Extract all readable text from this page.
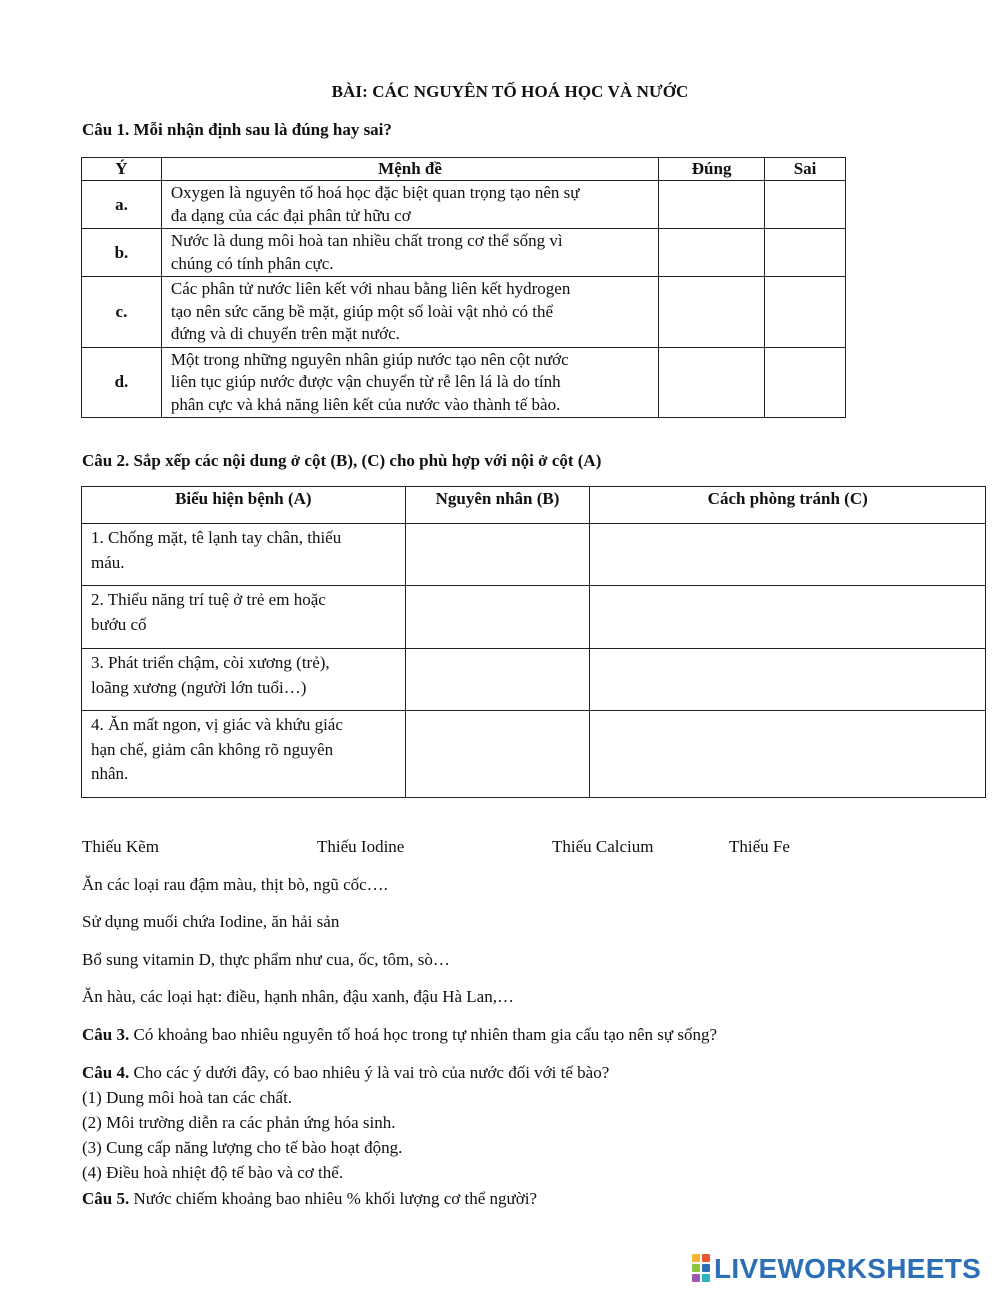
BÀI: CÁC NGUYÊN TỐ HOÁ HỌC VÀ NƯỚC
Câu 1. Mỗi nhận định sau là đúng hay sai?
Ý	Mệnh đề	Đúng	Sai
a.	Oxygen là nguyên tố hoá học đặc biệt quan trọng tạo nên sự
đa dạng của các đại phân tử hữu cơ		

b.	Nước là dung môi hoà tan nhiều chất trong cơ thể sống vì
chúng có tính phân cực.		

c.	Các phân tử nước liên kết với nhau bằng liên kết hydrogen
tạo nên sức căng bề mặt, giúp một số loài vật nhỏ có thể
đứng và di chuyển trên mặt nước.		

d.	Một trong những nguyên nhân giúp nước tạo nên cột nước
liên tục giúp nước được vận chuyển từ rễ lên lá là do tính
phân cực và khả năng liên kết của nước vào thành tế bào.		

Câu 2. Sắp xếp các nội dung ở cột (B), (C) cho phù hợp với nội ở cột (A)
Biểu hiện bệnh (A)	Nguyên nhân (B)	Cách phòng tránh (C)

1. Chống mặt, tê lạnh tay chân, thiếu
máu.		

2. Thiểu năng trí tuệ ở trẻ em hoặc
bướu cổ		

3. Phát triển chậm, còi xương (trẻ),
loãng xương (người lớn tuổi…)		

4. Ăn mất ngon, vị giác và khứu giác
hạn chế, giảm cân không rõ nguyên
nhân.		

Thiếu Kẽm	Thiếu Iodine	Thiếu Calcium	Thiếu Fe
Ăn các loại rau đậm màu, thịt bò, ngũ cốc….
Sử dụng muối chứa Iodine, ăn hải sản
Bổ sung vitamin D, thực phẩm như cua, ốc, tôm, sò…
Ăn hàu, các loại hạt: điều, hạnh nhân, đậu xanh, đậu Hà Lan,…
Câu 3. Có khoảng bao nhiêu nguyên tố hoá học trong tự nhiên tham gia cấu tạo nên sự sống?
Câu 4. Cho các ý dưới đây, có bao nhiêu ý là vai trò của nước đối với tế bào?
(1) Dung môi hoà tan các chất.
(2) Môi trường diễn ra các phản ứng hóa sinh.
(3) Cung cấp năng lượng cho tế bào hoạt động.
(4) Điều hoà nhiệt độ tế bào và cơ thể.
Câu 5. Nước chiếm khoảng bao nhiêu % khối lượng cơ thể người?
LIVEWORKSHEETS
